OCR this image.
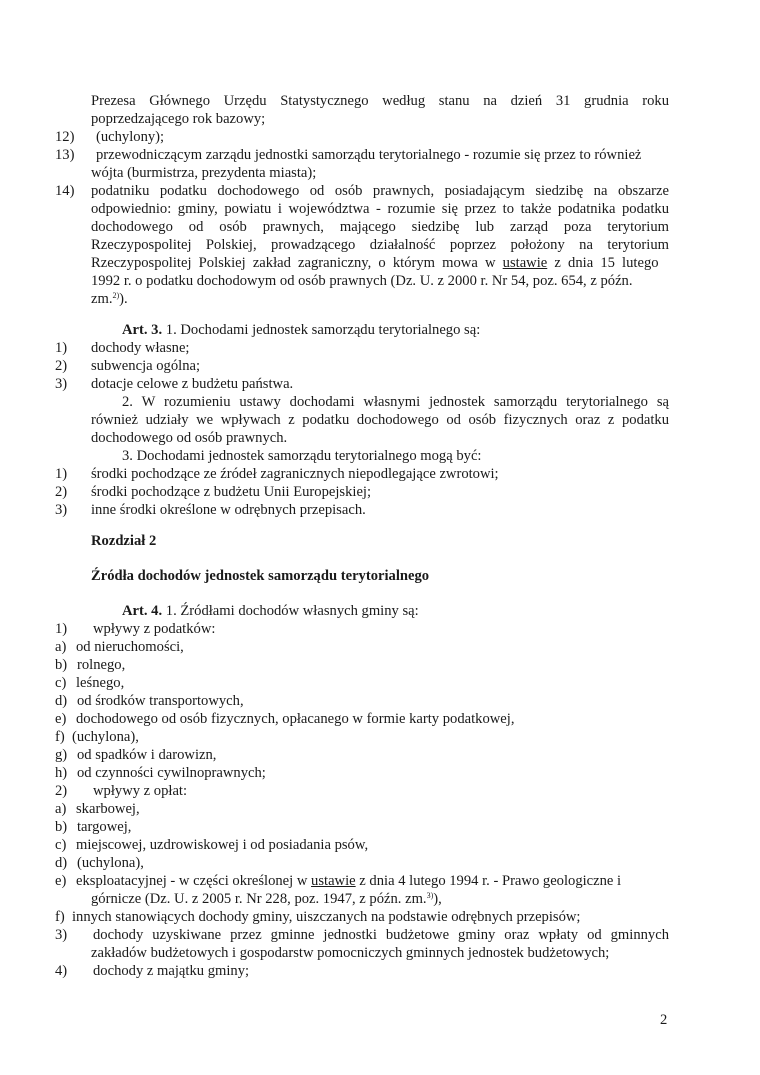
Prezesa Głównego Urzędu Statystycznego według stanu na dzień 31 grudnia roku
poprzedzającego rok bazowy;
12) (uchylony);
13) przewodniczącym zarządu jednostki samorządu terytorialnego - rozumie się przez to również
wójta (burmistrza, prezydenta miasta);
14) podatniku podatku dochodowego od osób prawnych, posiadającym siedzibę na obszarze
odpowiednio: gminy, powiatu i województwa - rozumie się przez to także podatnika podatku
dochodowego od osób prawnych, mającego siedzibę lub zarząd poza terytorium
Rzeczypospolitej Polskiej, prowadzącego działalność poprzez położony na terytorium
Rzeczypospolitej Polskiej zakład zagraniczny, o którym mowa w ustawie z dnia 15 lutego
1992 r. o podatku dochodowym od osób prawnych (Dz. U. z 2000 r. Nr 54, poz. 654, z późn.
zm.$^{2)}$).
Art. 3. 1. Dochodami jednostek samorządu terytorialnego są:
1) dochody własne;
2) subwencja ogólna;
3) dotacje celowe z budżetu państwa.
2. W rozumieniu ustawy dochodami własnymi jednostek samorządu terytorialnego są
również udziały we wpływach z podatku dochodowego od osób fizycznych oraz z podatku
dochodowego od osób prawnych.
3. Dochodami jednostek samorządu terytorialnego mogą być:
1) środki pochodzące ze źródeł zagranicznych niepodlegające zwrotowi;
2) środki pochodzące z budżetu Unii Europejskiej;
3) inne środki określone w odrębnych przepisach.
Rozdział 2
Źródła dochodów jednostek samorządu terytorialnego
Art. 4. 1. Źródłami dochodów własnych gminy są:
1) wpływy z podatków:
a) od nieruchomości,
b) rolnego,
c) leśnego,
d) od środków transportowych,
e) dochodowego od osób fizycznych, opłacanego w formie karty podatkowej,
f) (uchylona),
g) od spadków i darowizn,
h) od czynności cywilnoprawnych;
2) wpływy z opłat:
a) skarbowej,
b) targowej,
c) miejscowej, uzdrowiskowej i od posiadania psów,
d) (uchylona),
e) eksploatacyjnej - w części określonej w ustawie z dnia 4 lutego 1994 r. - Prawo geologiczne i
górnicze (Dz. U. z 2005 r. Nr 228, poz. 1947, z późn. zm.$^{3)}$),
f) innych stanowiących dochody gminy, uiszczanych na podstawie odrębnych przepisów;
3) dochody uzyskiwane przez gminne jednostki budżetowe gminy oraz wpłaty od gminnych
zakładów budżetowych i gospodarstw pomocniczych gminnych jednostek budżetowych;
4) dochody z majątku gminy;
2
